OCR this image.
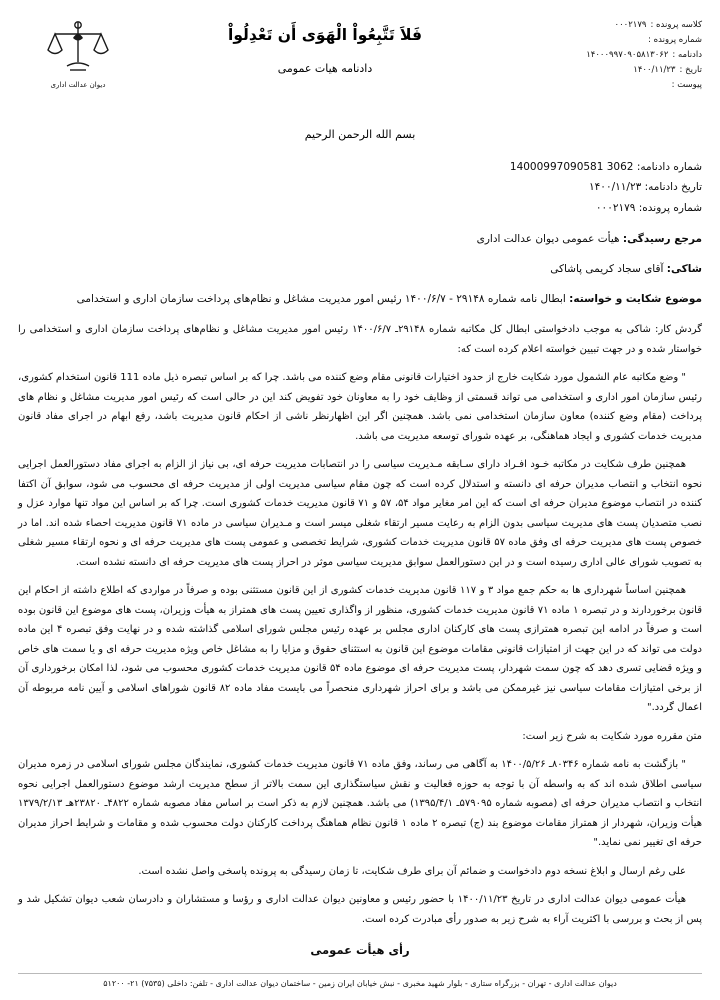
کلاسه پرونده :
۰۰۰۲۱۷۹
شماره پرونده :
دادنامه :
۱۴۰۰۰۹۹۷۰۹۰۵۸۱۳۰۶۲
تاریخ :
۱۴۰۰/۱۱/۲۳
پیوست :
فَلاَ تَتَّبِعُواْ الْهَوَى أَن تَعْدِلُواْ
دادنامه هیات عمومی
دیوان عدالت اداری
بسم الله الرحمن الرحیم
شماره دادنامه: 14000997090581 3062
تاریخ دادنامه: ۱۴۰۰/۱۱/۲۳
شماره پرونده: ۰۰۰۲۱۷۹
مرجع رسیدگی: هیأت عمومی دیوان عدالت اداری
شاکی: آقای سجاد کریمی پاشاکی
موضوع شکایت و خواسته: ابطال نامه شماره ۲۹۱۴۸ - ۱۴۰۰/۶/۷ رئیس امور مدیریت مشاغل و نظام‌های پرداخت سازمان اداری و استخدامی

گردش کار: شاکی به موجب دادخواستی ابطال کل مکاتبه شماره ۲۹۱۴۸ـ ۱۴۰۰/۶/۷ رئیس امور مدیریت مشاغل و نظام‌های پرداخت سازمان اداری و استخدامی را خواستار شده و در جهت تبیین خواسته اعلام کرده است که:

" وضع مکاتبه عام الشمول مورد شکایت خارج از حدود اختیارات قانونی مقام وضع کننده می باشد. چرا که بر اساس تبصره ذیل ماده 111 قانون استخدام کشوری، رئیس سازمان امور اداری و استخدامی می تواند قسمتی از وظایف خود را به معاونان خود تفویض کند این در حالی است که رئیس امور مدیریت مشاغل و نظام های پرداخت (مقام وضع کننده) معاون سازمان استخدامی نمی باشد. همچنین اگر این اظهارنظر ناشی از احکام قانون مدیریت باشد، رفع ابهام در اجرای مفاد قانون مدیریت خدمات کشوری و ایجاد هماهنگی، بر عهده شورای توسعه مدیریت می باشد.

همچنین طرف شکایت در مکاتبه خـود افـراد دارای سـابقه مـدیریت سیاسی را در انتصابات مدیریت حرفه ای، بی نیاز از الزام به اجرای مفاد دستورالعمل اجرایی نحوه انتخاب و انتصاب مدیران حرفه ای دانسته و استدلال کرده است که چون مقام سیاسی مدیریت اولی از مدیریت حرفه ای محسوب می شود، سوابق آن اکتفا کننده در انتصاب موضوع مدیران حرفه ای است که این امر مغایر مواد ۵۴، ۵۷ و ۷۱ قانون مدیریت خدمات کشوری است. چرا که بر اساس این مواد تنها موارد عزل و نصب متصدیان پست های مدیریت سیاسی بدون الزام به رعایت مسیر ارتقاء شغلی میسر است و مـدیران سیاسی در ماده ۷۱ قانون مدیریت احصاء شده اند. اما در خصوص پست های مدیریت حرفه ای وفق ماده ۵۷ قانون مدیریت خدمات کشوری، شرایط تخصصی و عمومی پست های مدیریت حرفه ای و نحوه ارتقاء مسیر شغلی به تصویب شورای عالی اداری رسیده است و در این دستورالعمل سوابق مدیریت سیاسی موثر در احراز پست های مدیریت حرفه ای دانسته نشده است.

همچنین اساساً شهرداری ها به حکم جمع مواد ۳ و ۱۱۷ قانون مدیریت خدمات کشوری از این قانون مستثنی بوده و صرفاً در مواردی که اطلاع داشته از احکام این قانون برخوردارند و در تبصره ۱ ماده ۷۱ قانون مدیریت خدمات کشوری، منظور از واگذاری تعیین پست های همتراز به هیأت وزیران، پست های موضوع این قانون بوده است و صرفاً در ادامه این تبصره همترازی پست های کارکنان اداری مجلس بر عهده رئیس مجلس شورای اسلامی گذاشته شده و در نهایت وفق تبصره ۴ این ماده دولت می تواند که در این جهت از امتیازات قانونی مقامات موضوع این قانون به استثنای حقوق و مزایا را به مشاغل خاص ویژه مدیریت حرفه ای و یا سمت های خاص و ویژه قضایی تسری دهد که چون سمت شهردار، پست مدیریت حرفه ای موضوع ماده ۵۴ قانون مدیریت خدمات کشوری محسوب می شود، لذا امکان برخورداری آن از برخی امتیازات مقامات سیاسی نیز غیرممکن می باشد و برای احراز شهرداری منحصراً می بایست مفاد ماده ۸۲ قانون شوراهای اسلامی و آیین نامه مربوطه آن اعمال گردد."

متن مقرره مورد شکایت به شرح زیر است:

" بازگشت به نامه شماره ۸۰۳۴۶ـ ۱۴۰۰/۵/۲۶ به آگاهی می رساند، وفق ماده ۷۱ قانون مدیریت خدمات کشوری، نمایندگان مجلس شورای اسلامی در زمره مدیران سیاسی اطلاق شده اند که به واسطه آن با توجه به حوزه فعالیت و نقش سیاستگذاری این سمت بالاتر از سطح مدیریت ارشد موضوع دستورالعمل اجرایی نحوه انتخاب و انتصاب مدیران حرفه ای (مصوبه شماره ۵۷۹۰۹۵ـ ۱۳۹۵/۴/۱) می باشد. همچنین لازم به ذکر است بر اساس مفاد مصوبه شماره ۴۸۲۲ـ ۲۳۸۲۰هـ ۱۳۷۹/۲/۱۳ هیأت وزیران، شهردار از همتراز مقامات موضوع بند (ج) تبصره ۲ ماده ۱ قانون نظام هماهنگ پرداخت کارکنان دولت محسوب شده و مقامات و شرایط احراز مدیران حرفه ای تغییر نمی نماید."

علی رغم ارسال و ابلاغ نسخه دوم دادخواست و ضمائم آن برای طرف شکایت، تا زمان رسیدگی به پرونده پاسخی واصل نشده است.

هیأت عمومی دیوان عدالت اداری در تاریخ ۱۴۰۰/۱۱/۲۳ با حضور رئیس و معاونین دیوان عدالت اداری و رؤسا و مستشاران و دادرسان شعب دیوان تشکیل شد و پس از بحث و بررسی با اکثریت آراء به شرح زیر به صدور رأی مبادرت کرده است.

رأی هیأت عمومی
دیوان عدالت اداری - تهران - بزرگراه ستاری - بلوار شهید مخبری - نبش خیابان ایران زمین - ساختمان دیوان عدالت اداری - تلفن: داخلی (۷۵۳۵) ۲۱- ۵۱۲۰۰
